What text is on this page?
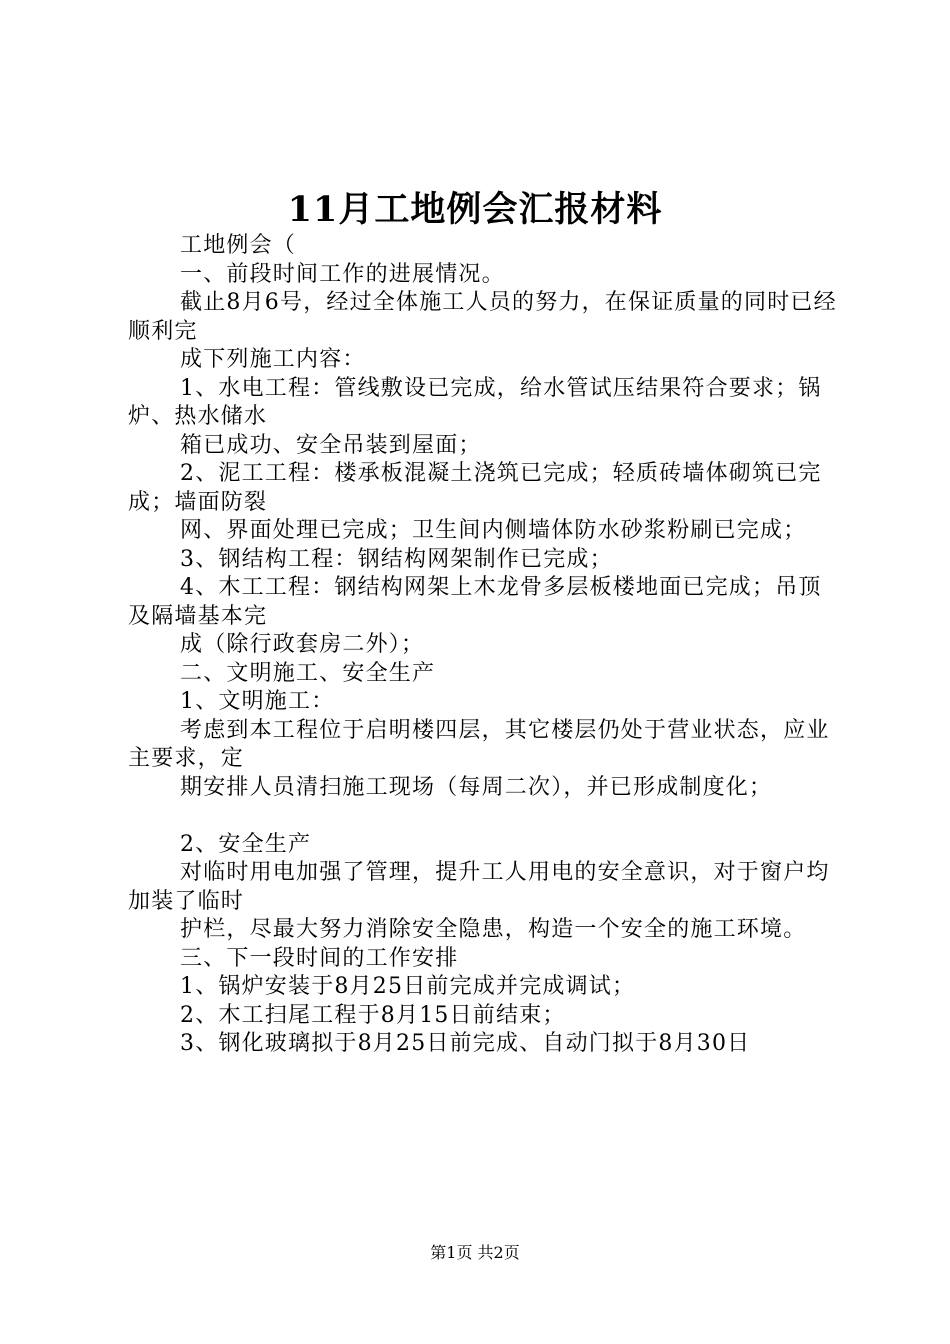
11月工地例会汇报材料

工地例会（

一、前段时间工作的进展情况。

截止8月6号，经过全体施工人员的努力，在保证质量的同时已经顺利完

成下列施工内容：

1、水电工程：管线敷设已完成，给水管试压结果符合要求；锅炉、热水储水

箱已成功、安全吊装到屋面；

2、泥工工程：楼承板混凝土浇筑已完成；轻质砖墙体砌筑已完成；墙面防裂

网、界面处理已完成；卫生间内侧墙体防水砂浆粉刷已完成；

3、钢结构工程：钢结构网架制作已完成；

4、木工工程：钢结构网架上木龙骨多层板楼地面已完成；吊顶及隔墙基本完

成（除行政套房二外）；

二、文明施工、安全生产

1、文明施工：

考虑到本工程位于启明楼四层，其它楼层仍处于营业状态，应业主要求，定

期安排人员清扫施工现场（每周二次），并已形成制度化；

2、安全生产

对临时用电加强了管理，提升工人用电的安全意识，对于窗户均加装了临时

护栏，尽最大努力消除安全隐患，构造一个安全的施工环境。

三、下一段时间的工作安排

1、锅炉安装于8月25日前完成并完成调试；

2、木工扫尾工程于8月15日前结束；

3、钢化玻璃拟于8月25日前完成、自动门拟于8月30日

第1页 共2页
